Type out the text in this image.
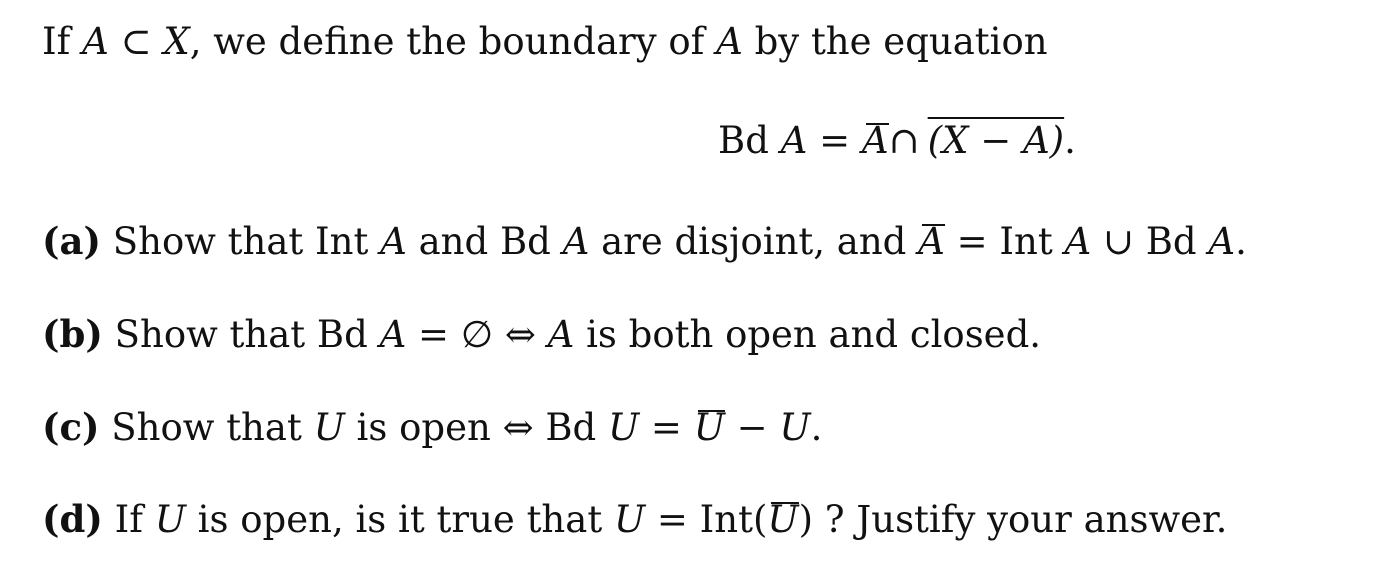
If A ⊂ X, we define the boundary of A by the equation
Bd A = A∩ (X − A).
(a) Show that Int A and Bd A are disjoint, and A = Int A ∪ Bd A.
(b) Show that Bd A = ∅ ⇔ A is both open and closed.
(c) Show that U is open ⇔ Bd U = U − U.
(d) If U is open, is it true that U = Int(U) ? Justify your answer.
